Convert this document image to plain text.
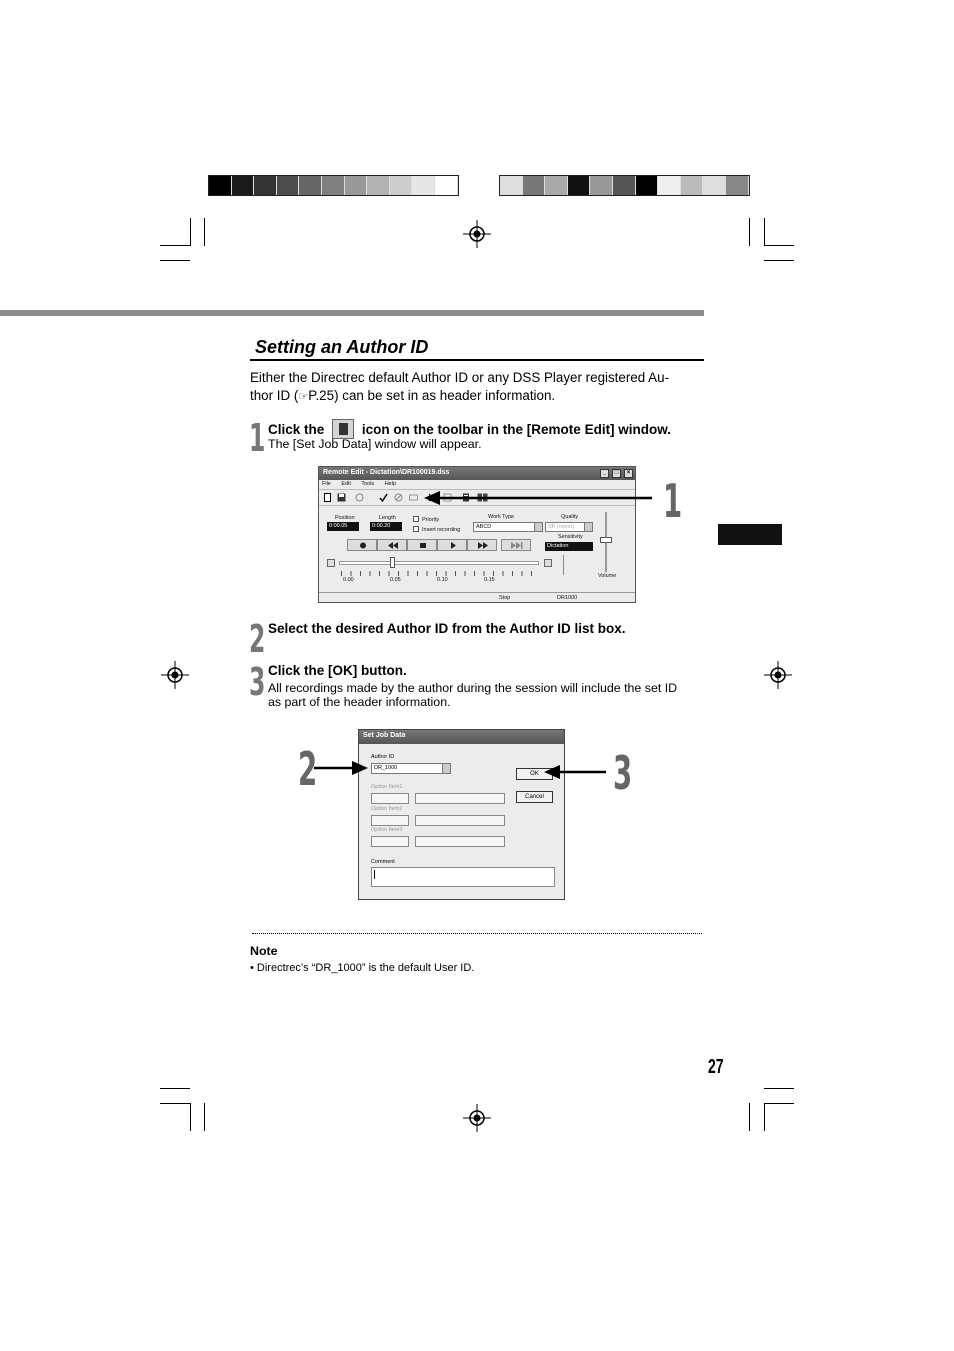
Setting an Author ID
Either the Directrec default Author ID or any DSS Player registered Au-
thor ID (☞P.25) can be set in as header information.
1 Click the	icon on the toolbar in the [Remote Edit] window.
The [Set Job Data] window will appear.
Remote Edit - Dictation\DR100019.dss	_	□	×
File Edit Tools Help
Position
0:00.05
Length
0:00.20
Priority
Insert recording
Work Type
ABCD
Quality
SP (mono)
Sensitivity
Dictation
Volume
0.00	0.05	0.10	0.15
Stop	DR1000
1
2 Select the desired Author ID from the Author ID list box.
3 Click the [OK] button.
All recordings made by the author during the session will include the set ID
as part of the header information.
Set Job Data
Author ID
DR_1000
Option Item1
Option Item2
Option Item3
Comment
OK
Cancel
2	3
Note
• Directrec’s “DR_1000” is the default User ID.
27
